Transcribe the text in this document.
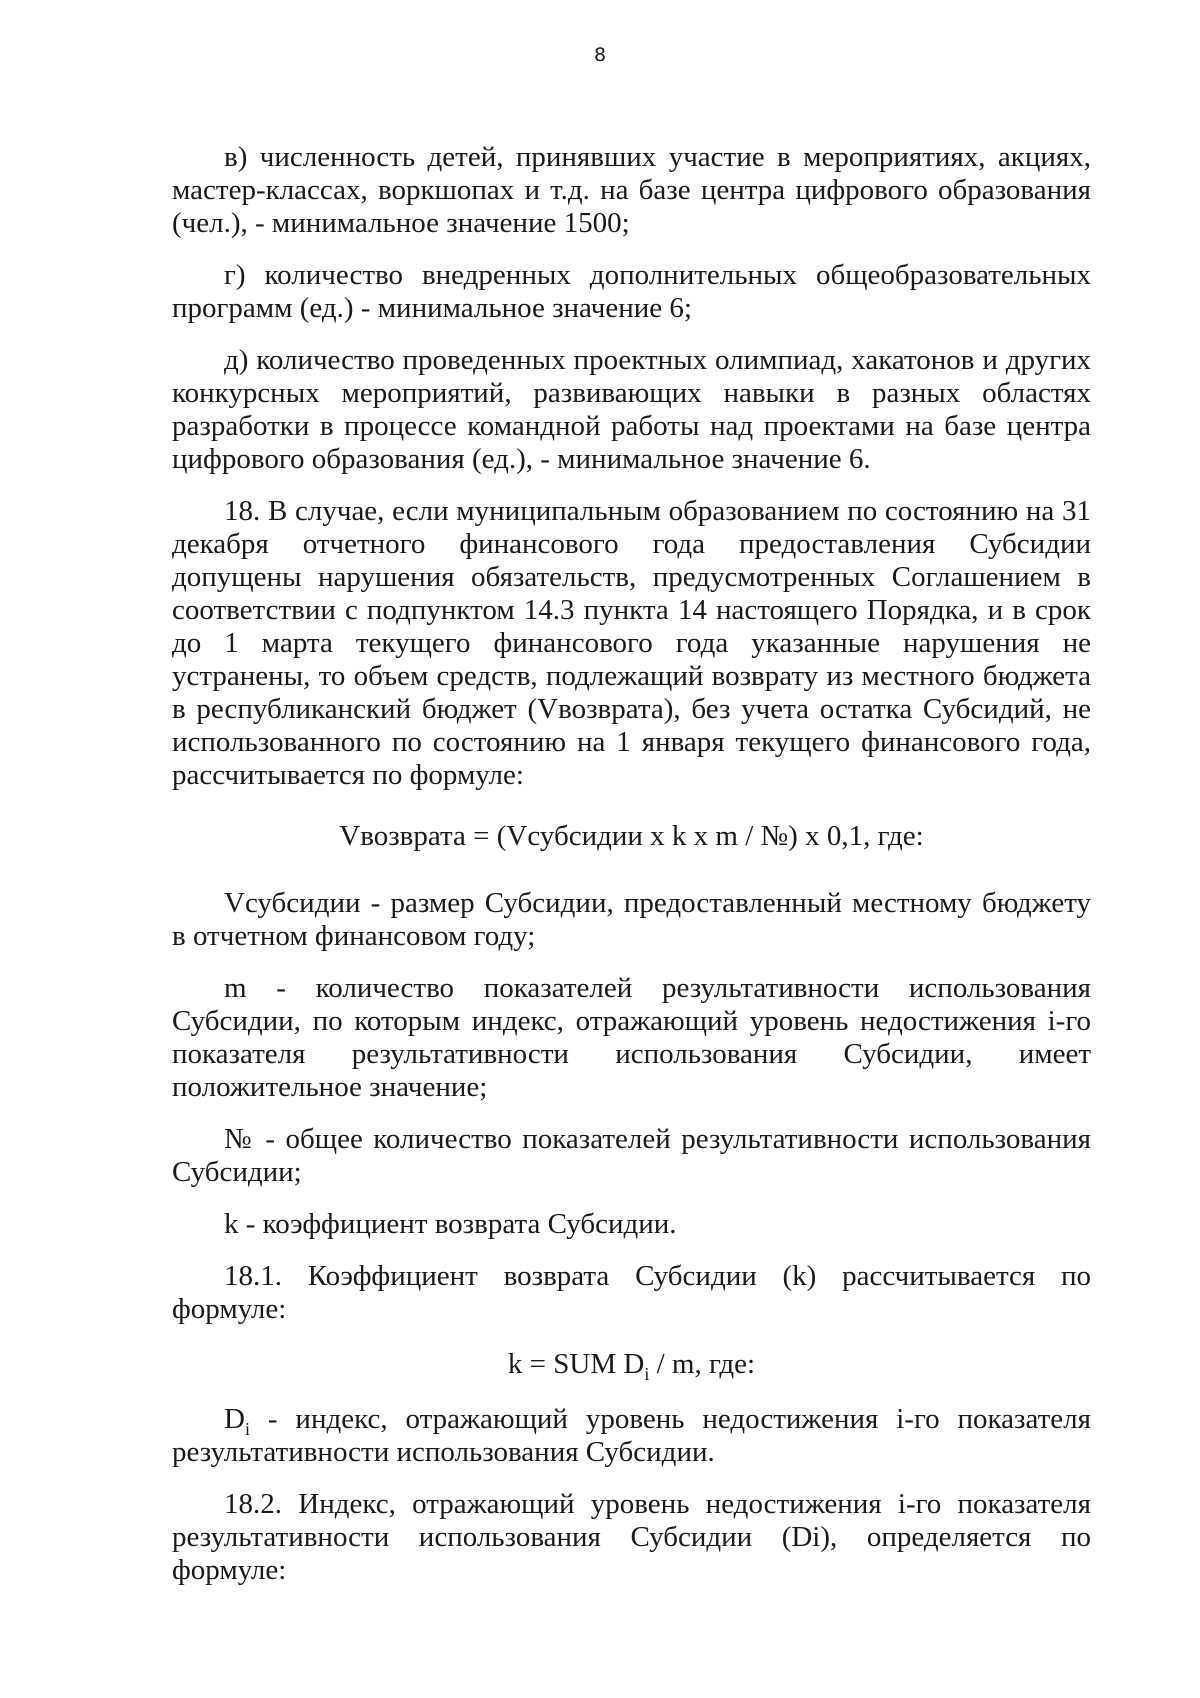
8

в) численность детей, принявших участие в мероприятиях, акциях, мастер-классах, воркшопах и т.д. на базе центра цифрового образования (чел.), - минимальное значение 1500;

г) количество внедренных дополнительных общеобразовательных программ (ед.) - минимальное значение 6;

д) количество проведенных проектных олимпиад, хакатонов и других конкурсных мероприятий, развивающих навыки в разных областях разработки в процессе командной работы над проектами на базе центра цифрового образования (ед.), - минимальное значение 6.

18. В случае, если муниципальным образованием по состоянию на 31 декабря отчетного финансового года предоставления Субсидии допущены нарушения обязательств, предусмотренных Соглашением в соответствии с подпунктом 14.3 пункта 14 настоящего Порядка, и в срок до 1 марта текущего финансового года указанные нарушения не устранены, то объем средств, подлежащий возврату из местного бюджета в республиканский бюджет (Vвозврата), без учета остатка Субсидий, не использованного по состоянию на 1 января текущего финансового года, рассчитывается по формуле:

Vвозврата = (Vсубсидии x k x m / №) x 0,1, где:

Vсубсидии - размер Субсидии, предоставленный местному бюджету в отчетном финансовом году;

m - количество показателей результативности использования Субсидии, по которым индекс, отражающий уровень недостижения i-го показателя результативности использования Субсидии, имеет положительное значение;

№ - общее количество показателей результативности использования Субсидии;

k - коэффициент возврата Субсидии.

18.1. Коэффициент возврата Субсидии (k) рассчитывается по формуле:

k = SUM $D_i$ / m, где:

$D_i$ - индекс, отражающий уровень недостижения i-го показателя результативности использования Субсидии.

18.2. Индекс, отражающий уровень недостижения i-го показателя результативности использования Субсидии (Di), определяется по формуле:
